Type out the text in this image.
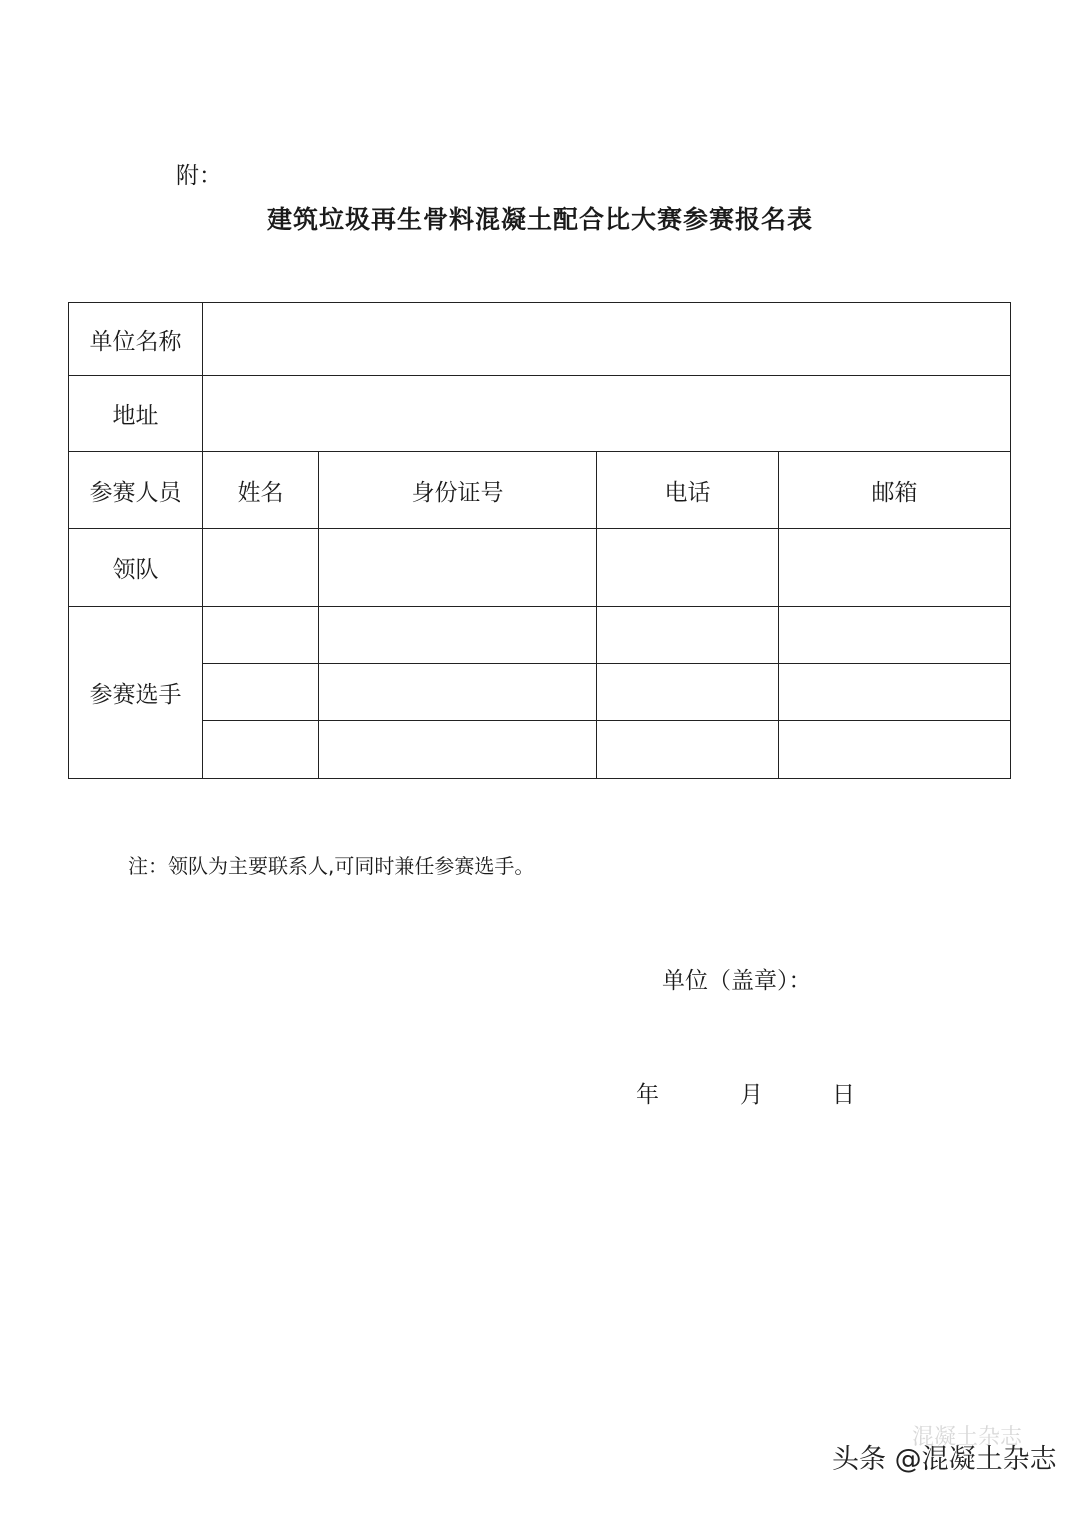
附：
建筑垃圾再生骨料混凝土配合比大赛参赛报名表
单位名称				
地址				
参赛人员	姓名	身份证号	电话	邮箱
领队				
参赛选手				

注：领队为主要联系人,可同时兼任参赛选手。
单位（盖章）：
年	月	日
混凝土杂志
头条 @混凝土杂志
